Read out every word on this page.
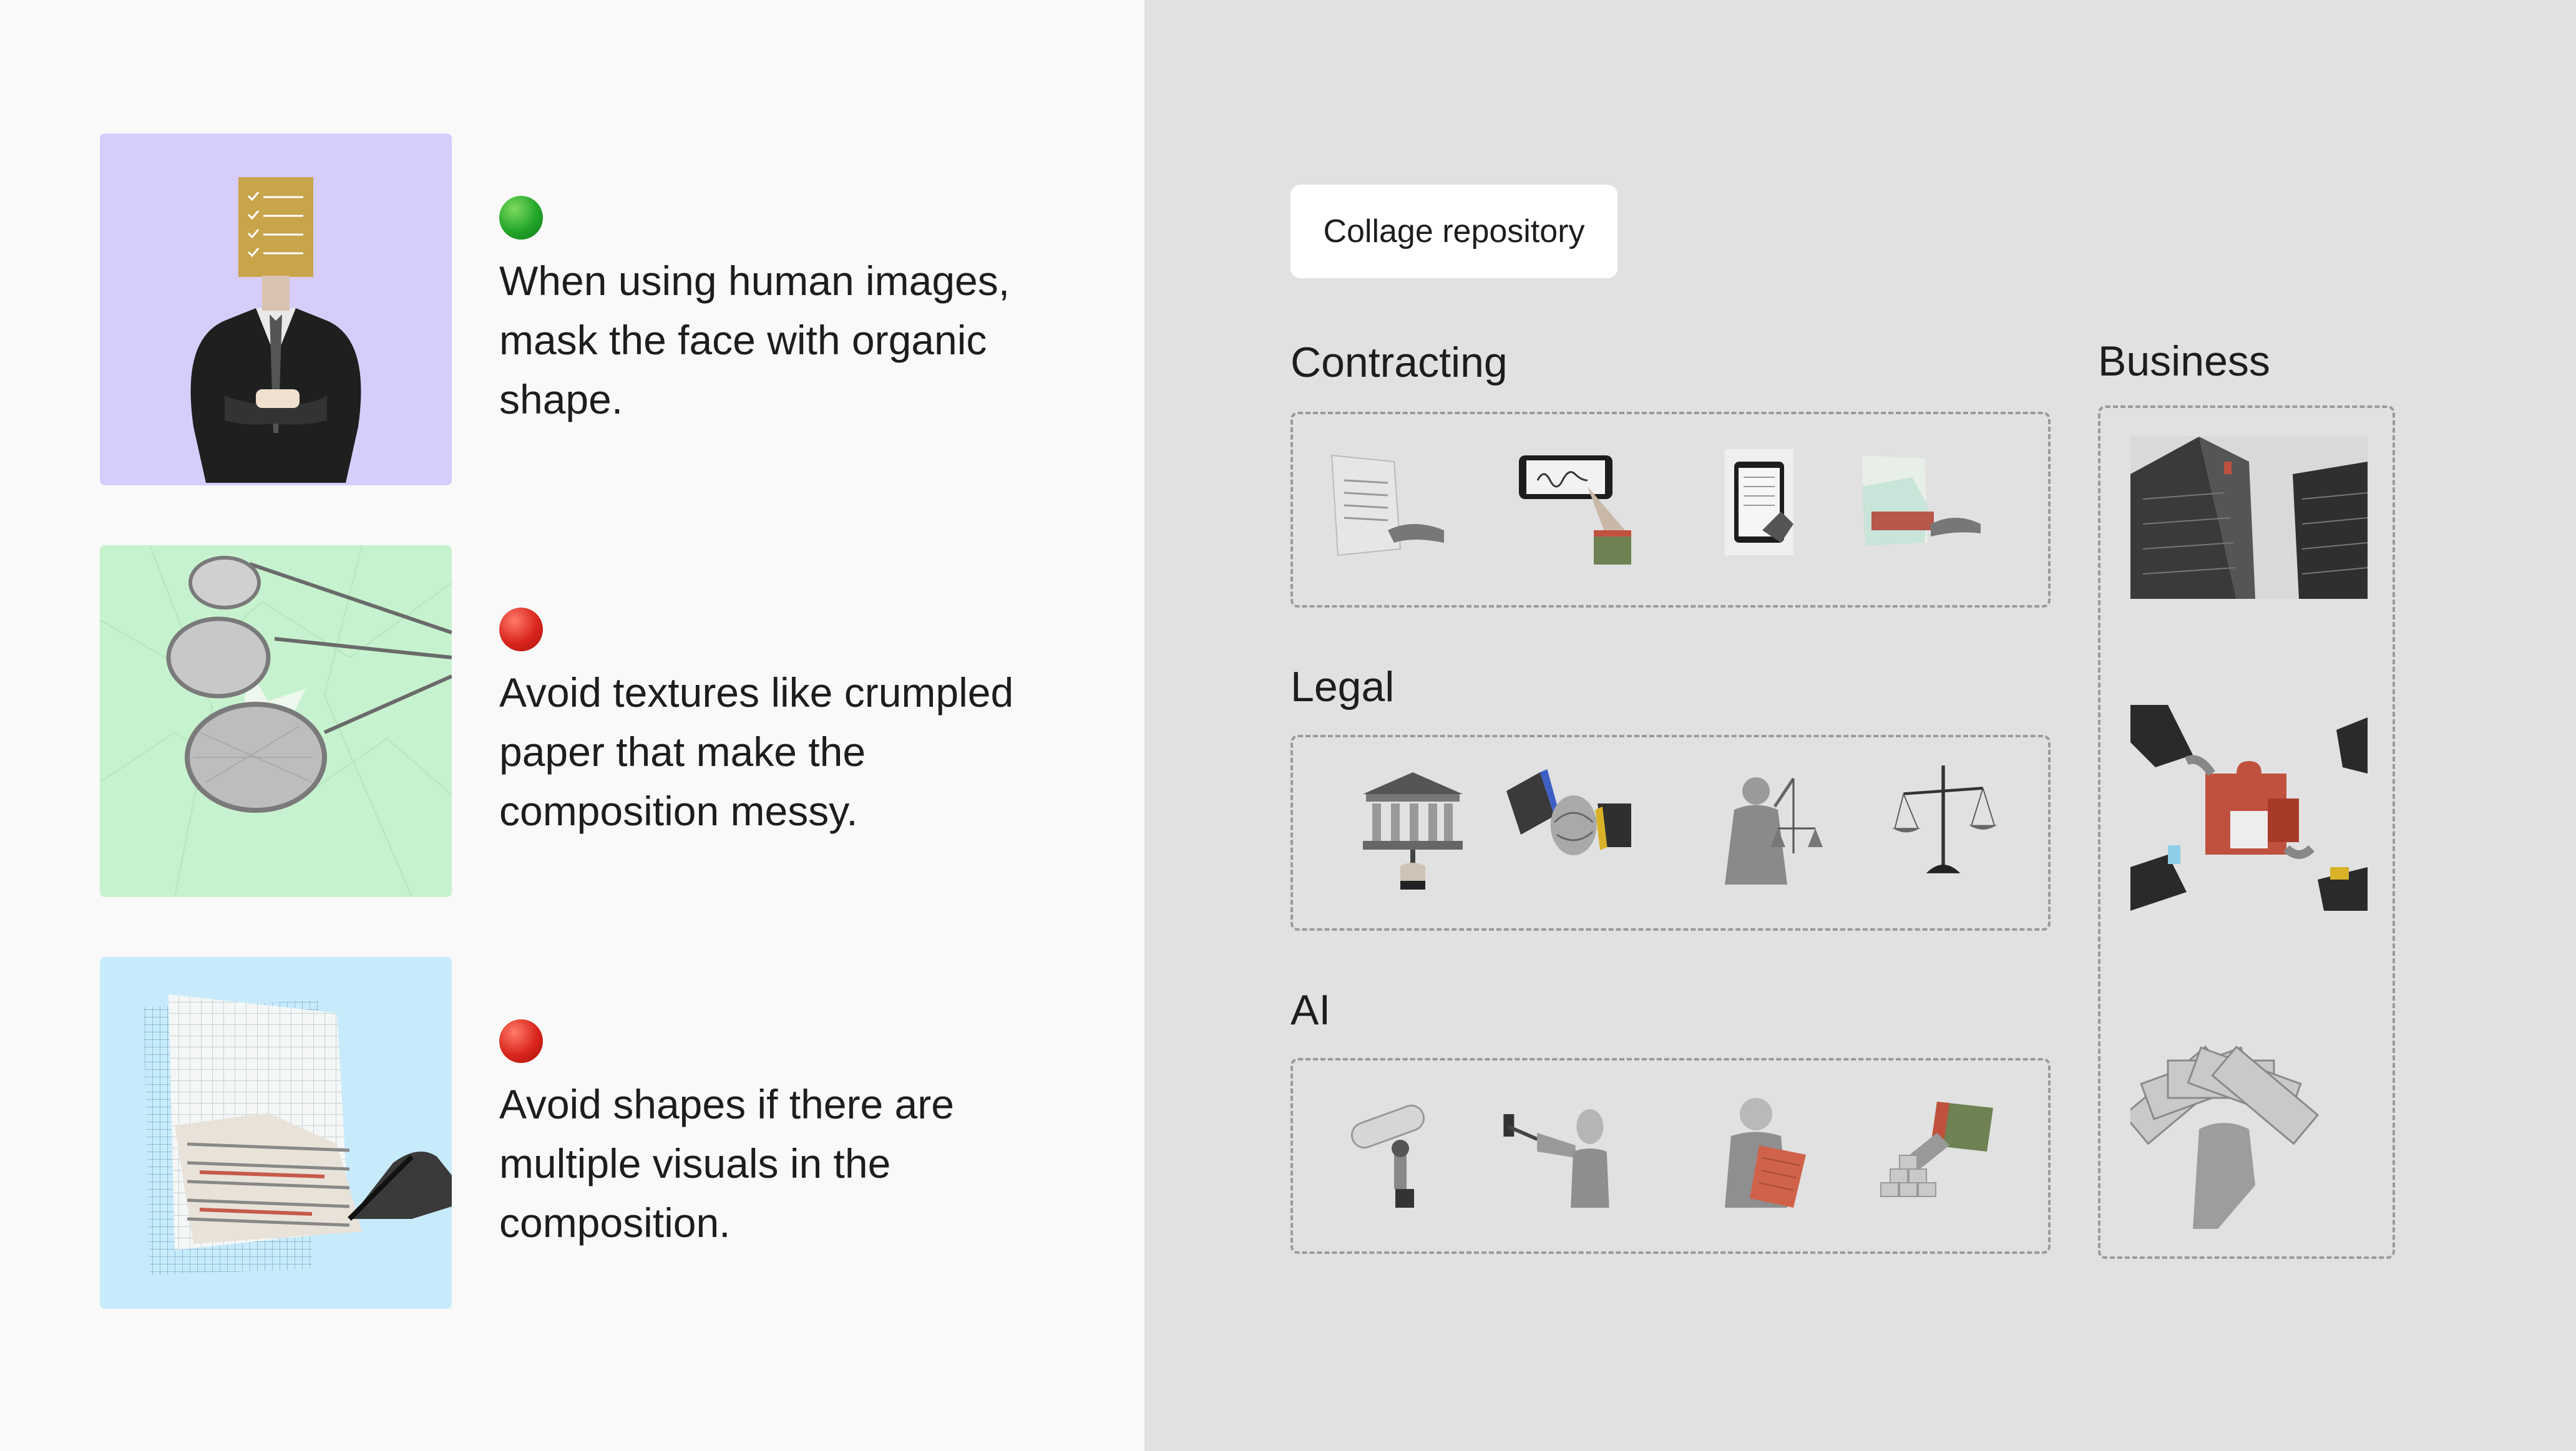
When using human images, mask the face with organic shape.
Avoid textures like crumpled paper that make the composition messy.
Avoid shapes if there are multiple visuals in the composition.
Collage repository
Contracting
Legal
AI
Business
